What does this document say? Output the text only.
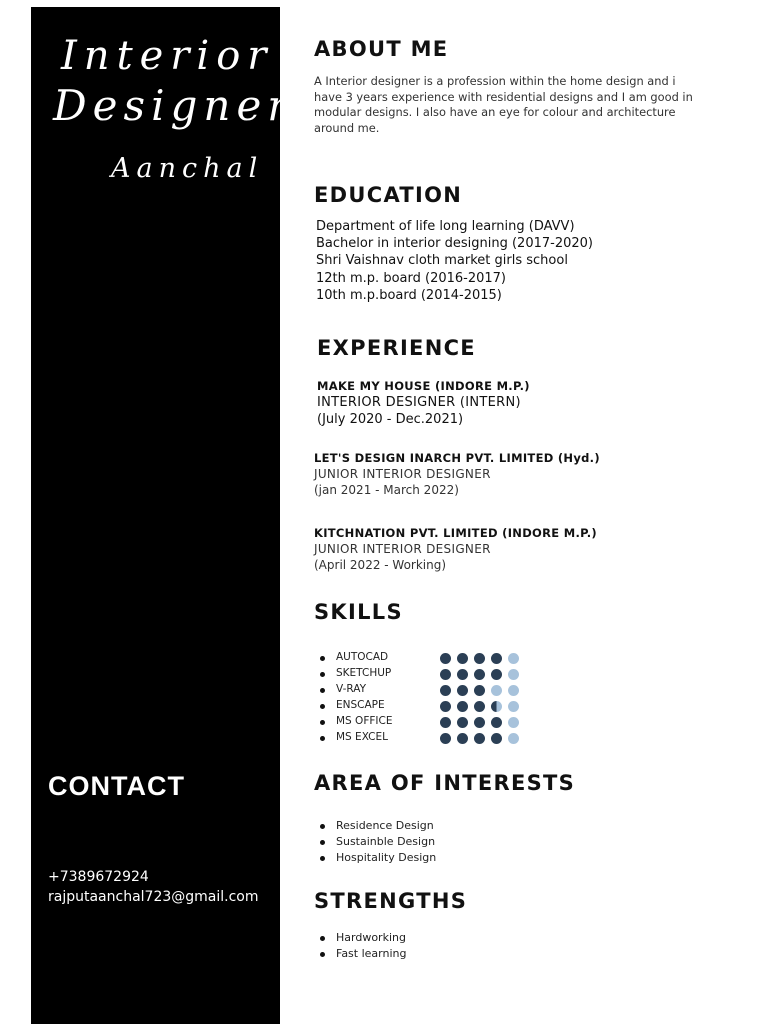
Interior
Designer
Aanchal
CONTACT
+7389672924
rajputaanchal723@gmail.com
ABOUT ME
A Interior designer is a profession within the home design and i have 3 years experience with residential designs and I am good in modular designs. I also have an eye for colour and architecture around me.
EDUCATION
Department of life long learning (DAVV)
Bachelor in interior designing (2017-2020)
Shri Vaishnav cloth market girls school
12th m.p. board (2016-2017)
10th m.p.board (2014-2015)
EXPERIENCE
MAKE MY HOUSE (INDORE M.P.)
INTERIOR DESIGNER (INTERN)
(July 2020 - Dec.2021)
LET'S DESIGN INARCH PVT. LIMITED (Hyd.)
JUNIOR INTERIOR DESIGNER
(jan 2021 - March 2022)
KITCHNATION PVT. LIMITED (INDORE M.P.)
JUNIOR INTERIOR DESIGNER
(April 2022 - Working)
SKILLS
AUTOCAD
SKETCHUP
V-RAY
ENSCAPE
MS OFFICE
MS EXCEL
AREA OF INTERESTS
Residence Design
Sustainble Design
Hospitality Design
STRENGTHS
Hardworking
Fast learning
